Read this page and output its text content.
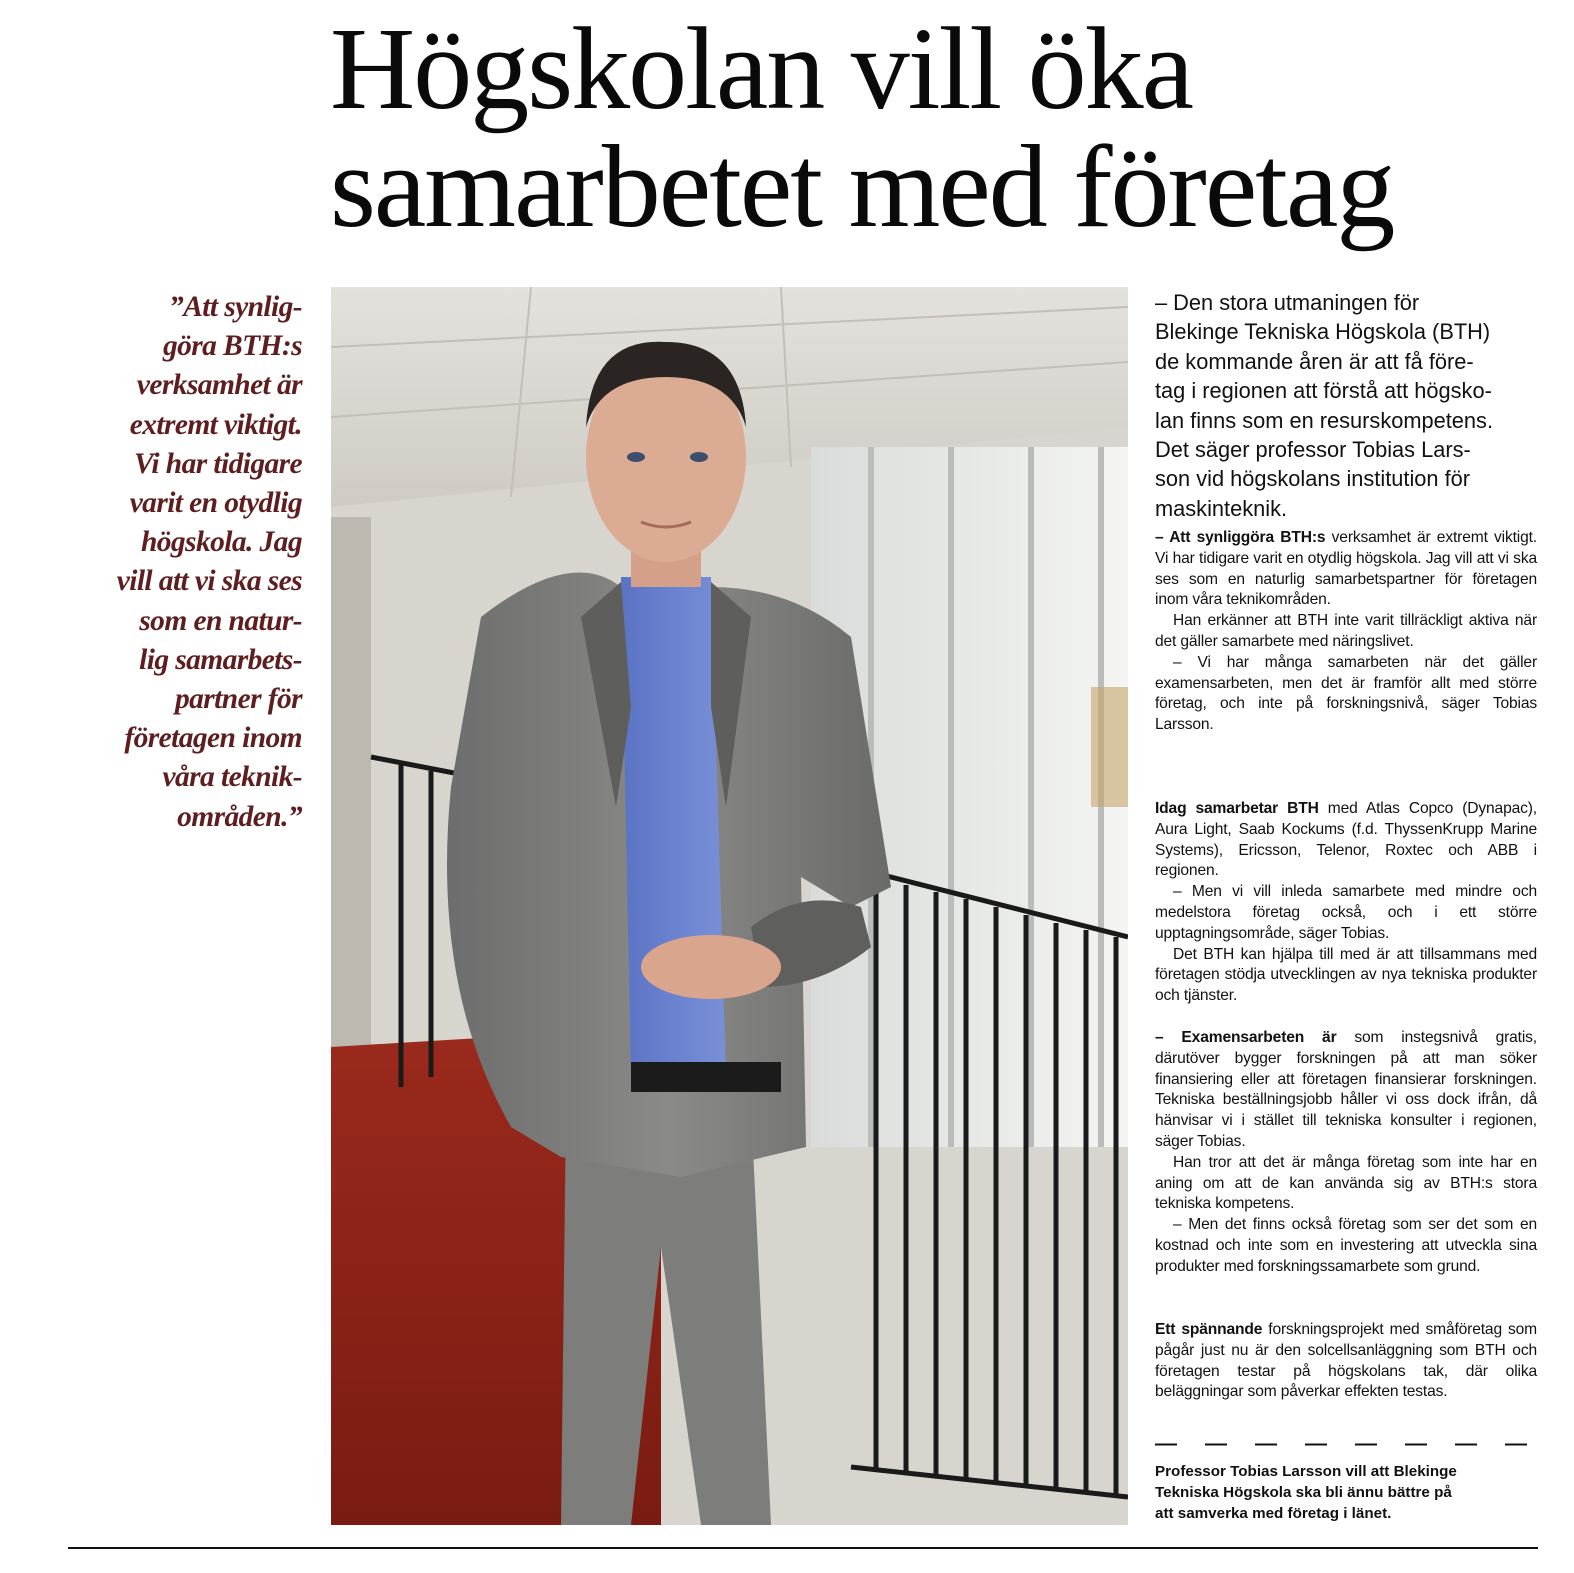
Högskolan vill öka
samarbetet med företag
”Att synlig-
göra BTH:s
verksamhet är
extremt viktigt.
Vi har tidigare
varit en otydlig
högskola. Jag
vill att vi ska ses
som en natur-
lig samarbets-
partner för
företagen inom
våra teknik-
områden.”
– Den stora utmaningen för
Blekinge Tekniska Högskola (BTH)
de kommande åren är att få före-
tag i regionen att förstå att högsko-
lan finns som en resurskompetens.
Det säger professor Tobias Lars-
son vid högskolans institution för
maskinteknik.

– Att synliggöra BTH:s verksamhet är extremt viktigt. Vi har tidigare varit en otydlig högskola. Jag vill att vi ska ses som en naturlig samarbetspartner för företagen inom våra teknikområden.

Han erkänner att BTH inte varit tillräckligt aktiva när det gäller samarbete med näringslivet.

– Vi har många samarbeten när det gäller examensarbeten, men det är framför allt med större företag, och inte på forskningsnivå, säger Tobias Larsson.

Idag samarbetar BTH med Atlas Copco (Dynapac), Aura Light, Saab Kockums (f.d. ThyssenKrupp Marine Systems), Ericsson, Telenor, Roxtec och ABB i regionen.

– Men vi vill inleda samarbete med mindre och medelstora företag också, och i ett större upptagningsområde, säger Tobias.

Det BTH kan hjälpa till med är att tillsammans med företagen stödja utvecklingen av nya tekniska produkter och tjänster.

– Examensarbeten är som instegsnivå gratis, därutöver bygger forskningen på att man söker finansiering eller att företagen finansierar forskningen. Tekniska beställningsjobb håller vi oss dock ifrån, då hänvisar vi i stället till tekniska konsulter i regionen, säger Tobias.

Han tror att det är många företag som inte har en aning om att de kan använda sig av BTH:s stora tekniska kompetens.

– Men det finns också företag som ser det som en kostnad och inte som en investering att utveckla sina produkter med forskningssamarbete som grund.

Ett spännande forskningsprojekt med småföretag som pågår just nu är den solcellsanläggning som BTH och företagen testar på högskolans tak, där olika beläggningar som påverkar effekten testas.

Professor Tobias Larsson vill att Blekinge
Tekniska Högskola ska bli ännu bättre på
att samverka med företag i länet.
